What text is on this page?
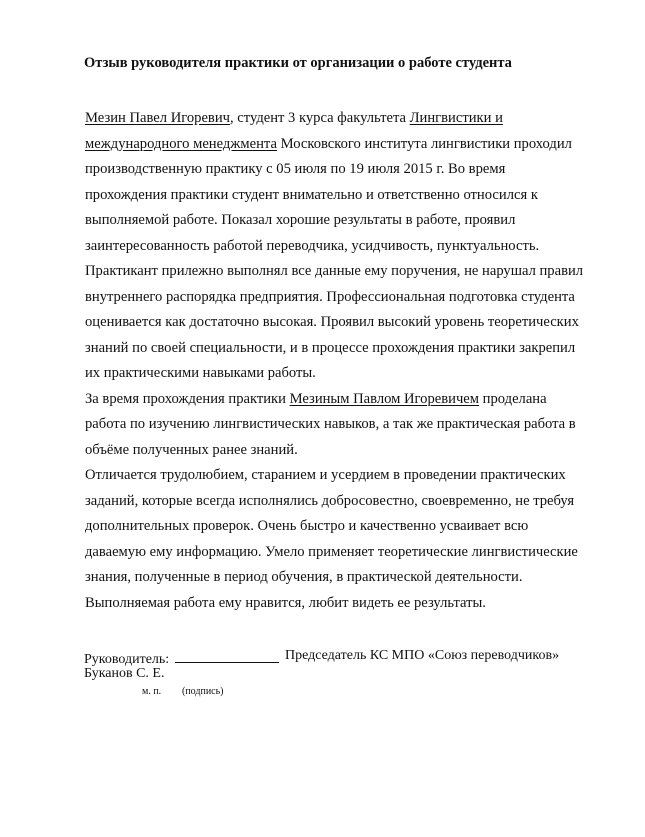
Отзыв руководителя практики от организации о работе студента
Мезин Павел Игоревич, студент 3 курса факультета Лингвистики и
международного менеджмента Московского института лингвистики проходил
производственную практику с 05 июля по 19 июля 2015 г. Во время
прохождения практики студент внимательно и ответственно относился к
выполняемой работе. Показал хорошие результаты в работе, проявил
заинтересованность работой переводчика, усидчивость, пунктуальность.
Практикант прилежно выполнял все данные ему поручения, не нарушал правил
внутреннего распорядка предприятия. Профессиональная подготовка студента
оценивается как достаточно высокая. Проявил высокий уровень теоретических
знаний по своей специальности, и в процессе прохождения практики закрепил
их практическими навыками работы.
За время прохождения практики Мезиным Павлом Игоревичем проделана
работа по изучению лингвистических навыков, а так же практическая работа в
объёме полученных ранее знаний.
Отличается трудолюбием, старанием и усердием в проведении практических
заданий, которые всегда исполнялись добросовестно, своевременно, не требуя
дополнительных проверок. Очень быстро и качественно усваивает всю
даваемую ему информацию. Умело применяет теоретические лингвистические
знания, полученные в период обучения, в практической деятельности.
Выполняемая работа ему нравится, любит видеть ее результаты.
Руководитель:	Председатель КС МПО «Союз переводчиков»
Буканов С. Е.
м. п. (подпись)
